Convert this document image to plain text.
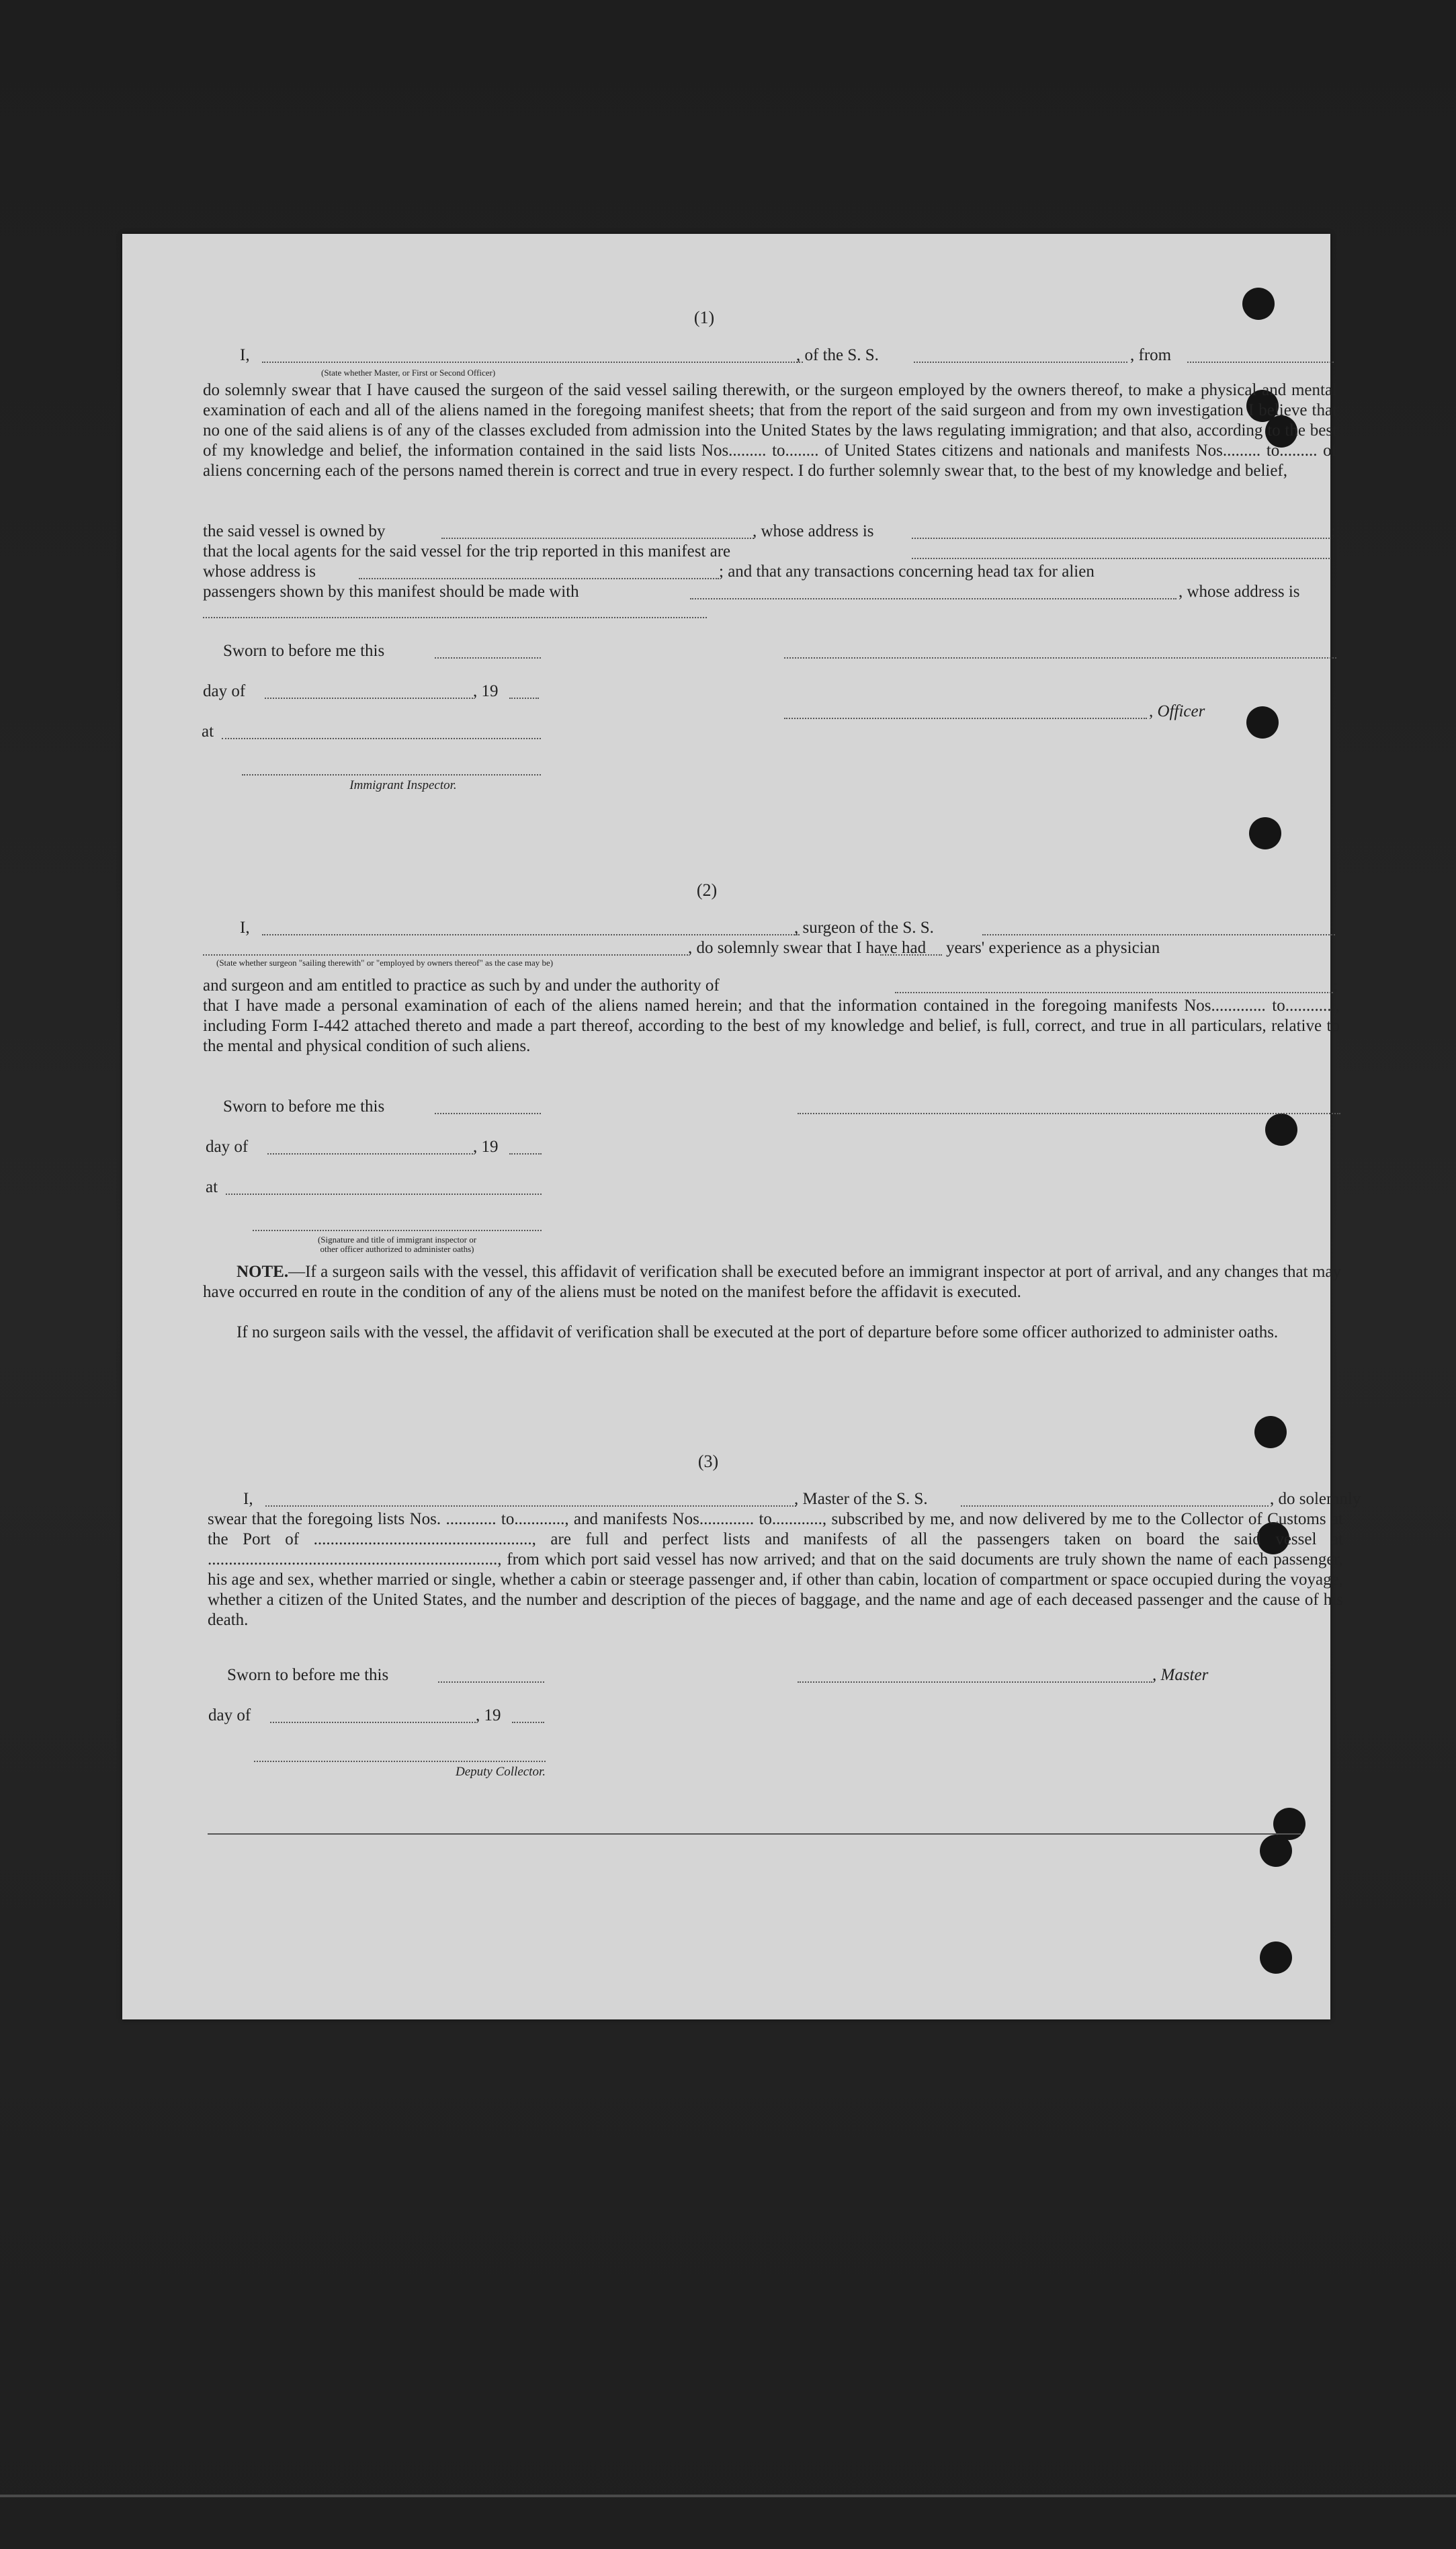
(1)
I,
(State whether Master, or First or Second Officer)
, of the S. S.	, from
do solemnly swear that I have caused the surgeon of the said vessel sailing therewith, or the surgeon employed by the owners thereof, to make a physical and mental examination of each and all of the aliens named in the foregoing manifest sheets; that from the report of the said surgeon and from my own investigation I believe that no one of the said aliens is of any of the classes excluded from admission into the United States by the laws regulating immigration; and that also, according to the best of my knowledge and belief, the information contained in the said lists Nos......... to........ of United States citizens and nationals and manifests Nos......... to......... of aliens concerning each of the persons named therein is correct and true in every respect. I do further solemnly swear that, to the best of my knowledge and belief,
the said vessel is owned by	, whose address is	;
that the local agents for the said vessel for the trip reported in this manifest are
whose address is	; and that any transactions concerning head tax for alien
passengers shown by this manifest should be made with	, whose address is
Sworn to before me this
day of	, 19
, Officer
at
Immigrant Inspector.
(2)
I,	, surgeon of the S. S.
, do solemnly swear that I have had years' experience as a physician
(State whether surgeon "sailing therewith" or "employed by owners thereof" as the case may be)
and surgeon and am entitled to practice as such by and under the authority of	;
that I have made a personal examination of each of the aliens named herein; and that the information contained in the foregoing manifests Nos............. to............, including Form I-442 attached thereto and made a part thereof, according to the best of my knowledge and belief, is full, correct, and true in all particulars, relative to the mental and physical condition of such aliens.
Sworn to before me this
day of	, 19
at
(Signature and title of immigrant inspector or
other officer authorized to administer oaths)
NOTE.—If a surgeon sails with the vessel, this affidavit of verification shall be executed before an immigrant inspector at port of arrival, and any changes that may have occurred en route in the condition of any of the aliens must be noted on the manifest before the affidavit is executed.
If no surgeon sails with the vessel, the affidavit of verification shall be executed at the port of departure before some officer authorized to administer oaths.
(3)
I,	, Master of the S. S.	, do solemnly
swear that the foregoing lists Nos. ............ to............, and manifests Nos............. to............, subscribed by me, and now delivered by me to the Collector of Customs at the Port of ...................................................., are full and perfect lists and manifests of all the passengers taken on board the said vessel at ....................................................................., from which port said vessel has now arrived; and that on the said documents are truly shown the name of each passenger, his age and sex, whether married or single, whether a cabin or steerage passenger and, if other than cabin, location of compartment or space occupied during the voyage, whether a citizen of the United States, and the number and description of the pieces of baggage, and the name and age of each deceased passenger and the cause of his death.
Sworn to before me this	, Master
day of	, 19
Deputy Collector.
